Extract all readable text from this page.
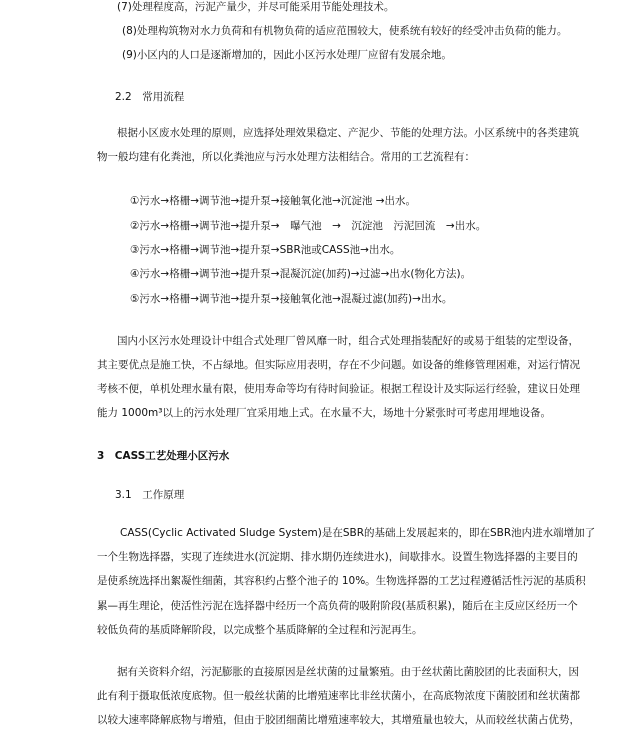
(7)处理程度高，污泥产量少，并尽可能采用节能处理技术。
(8)处理构筑物对水力负荷和有机物负荷的适应范围较大，使系统有较好的经受冲击负荷的能力。
(9)小区内的人口是逐渐增加的，因此小区污水处理厂应留有发展余地。
2.2　常用流程
根据小区废水处理的原则，应选择处理效果稳定、产泥少、节能的处理方法。小区系统中的各类建筑
物一般均建有化粪池，所以化粪池应与污水处理方法相结合。常用的工艺流程有：
①污水→格栅→调节池→提升泵→接触氧化池→沉淀池 →出水。
②污水→格栅→调节池→提升泵→　曝气池　→　沉淀池　污泥回流　→出水。
③污水→格栅→调节池→提升泵→SBR池或CASS池→出水。
④污水→格栅→调节池→提升泵→混凝沉淀(加药)→过滤→出水(物化方法)。
⑤污水→格栅→调节池→提升泵→接触氧化池→混凝过滤(加药)→出水。
国内小区污水处理设计中组合式处理厂曾风靡一时，组合式处理指装配好的或易于组装的定型设备，
其主要优点是施工快，不占绿地。但实际应用表明，存在不少问题。如设备的维修管理困难，对运行情况
考核不便，单机处理水量有限，使用寿命等均有待时间验证。根据工程设计及实际运行经验，建议日处理
能力 1000m³以上的污水处理厂宜采用地上式。在水量不大，场地十分紧张时可考虑用埋地设备。
3　CASS工艺处理小区污水
3.1　工作原理
CASS(Cyclic Activated Sludge System)是在SBR的基础上发展起来的，即在SBR池内进水端增加了
一个生物选择器，实现了连续进水(沉淀期、排水期仍连续进水)，间歇排水。设置生物选择器的主要目的
是使系统选择出絮凝性细菌，其容积约占整个池子的 10%。生物选择器的工艺过程遵循活性污泥的基质积
累—再生理论，使活性污泥在选择器中经历一个高负荷的吸附阶段(基质积累)，随后在主反应区经历一个
较低负荷的基质降解阶段，以完成整个基质降解的全过程和污泥再生。
据有关资料介绍，污泥膨胀的直接原因是丝状菌的过量繁殖。由于丝状菌比菌胶团的比表面积大，因
此有利于摄取低浓度底物。但一般丝状菌的比增殖速率比非丝状菌小，在高底物浓度下菌胶团和丝状菌都
以较大速率降解底物与增殖，但由于胶团细菌比增殖速率较大，其增殖量也较大，从而较丝状菌占优势，
